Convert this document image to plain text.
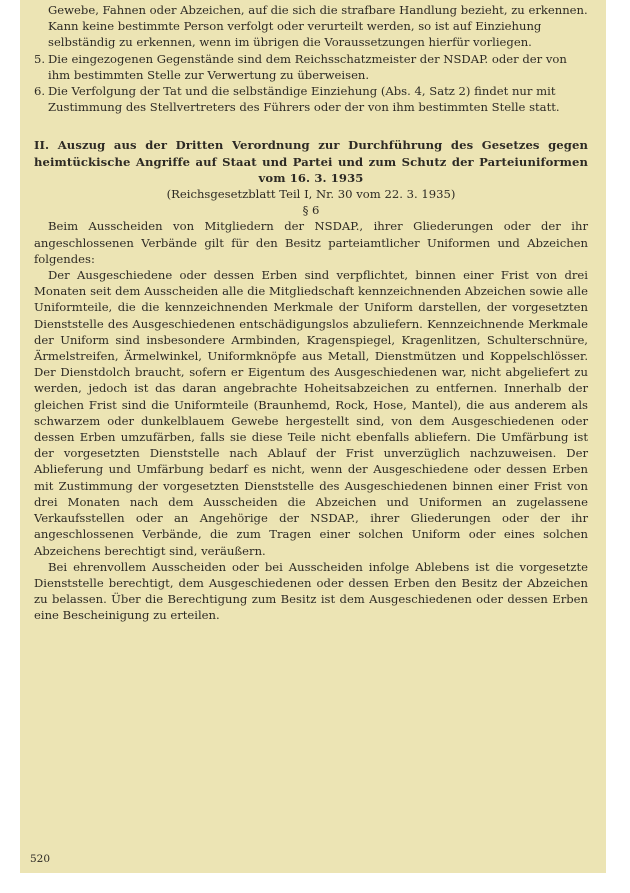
Gewebe, Fahnen oder Abzeichen, auf die sich die strafbare Handlung bezieht, zu erkennen. Kann keine bestimmte Person verfolgt oder verurteilt werden, so ist auf Einziehung selbständig zu erkennen, wenn im übrigen die Voraussetzungen hierfür vorliegen.
5. Die eingezogenen Gegenstände sind dem Reichsschatzmeister der NSDAP. oder der von ihm bestimmten Stelle zur Verwertung zu überweisen.
6. Die Verfolgung der Tat und die selbständige Einziehung (Abs. 4, Satz 2) findet nur mit Zustimmung des Stellvertreters des Führers oder der von ihm bestimmten Stelle statt.
II. Auszug aus der Dritten Verordnung zur Durchführung des Gesetzes gegen heimtückische Angriffe auf Staat und Partei und zum Schutz der Parteiuniformen vom 16. 3. 1935
(Reichsgesetzblatt Teil I, Nr. 30 vom 22. 3. 1935)
§ 6

Beim Ausscheiden von Mitgliedern der NSDAP., ihrer Gliederungen oder der ihr angeschlossenen Verbände gilt für den Besitz parteiamtlicher Uniformen und Abzeichen folgendes:

Der Ausgeschiedene oder dessen Erben sind verpflichtet, binnen einer Frist von drei Monaten seit dem Ausscheiden alle die Mitgliedschaft kennzeichnenden Abzeichen sowie alle Uniformteile, die die kennzeichnenden Merkmale der Uniform darstellen, der vorgesetzten Dienststelle des Ausgeschiedenen entschädigungslos abzuliefern. Kennzeichnende Merkmale der Uniform sind insbesondere Armbinden, Kragenspiegel, Kragenlitzen, Schulterschnüre, Ärmelstreifen, Ärmelwinkel, Uniformknöpfe aus Metall, Dienstmützen und Koppelschlösser. Der Dienstdolch braucht, sofern er Eigentum des Ausgeschiedenen war, nicht abgeliefert zu werden, jedoch ist das daran angebrachte Hoheitsabzeichen zu entfernen. Innerhalb der gleichen Frist sind die Uniformteile (Braunhemd, Rock, Hose, Mantel), die aus anderem als schwarzem oder dunkelblauem Gewebe hergestellt sind, von dem Ausgeschiedenen oder dessen Erben umzufärben, falls sie diese Teile nicht ebenfalls abliefern. Die Umfärbung ist der vorgesetzten Dienststelle nach Ablauf der Frist unverzüglich nachzuweisen. Der Ablieferung und Umfärbung bedarf es nicht, wenn der Ausgeschiedene oder dessen Erben mit Zustimmung der vorgesetzten Dienststelle des Ausgeschiedenen binnen einer Frist von drei Monaten nach dem Ausscheiden die Abzeichen und Uniformen an zugelassene Verkaufsstellen oder an Angehörige der NSDAP., ihrer Gliederungen oder der ihr angeschlossenen Verbände, die zum Tragen einer solchen Uniform oder eines solchen Abzeichens berechtigt sind, veräußern.

Bei ehrenvollem Ausscheiden oder bei Ausscheiden infolge Ablebens ist die vorgesetzte Dienststelle berechtigt, dem Ausgeschiedenen oder dessen Erben den Besitz der Abzeichen zu belassen. Über die Berechtigung zum Besitz ist dem Ausgeschiedenen oder dessen Erben eine Bescheinigung zu erteilen.

520
